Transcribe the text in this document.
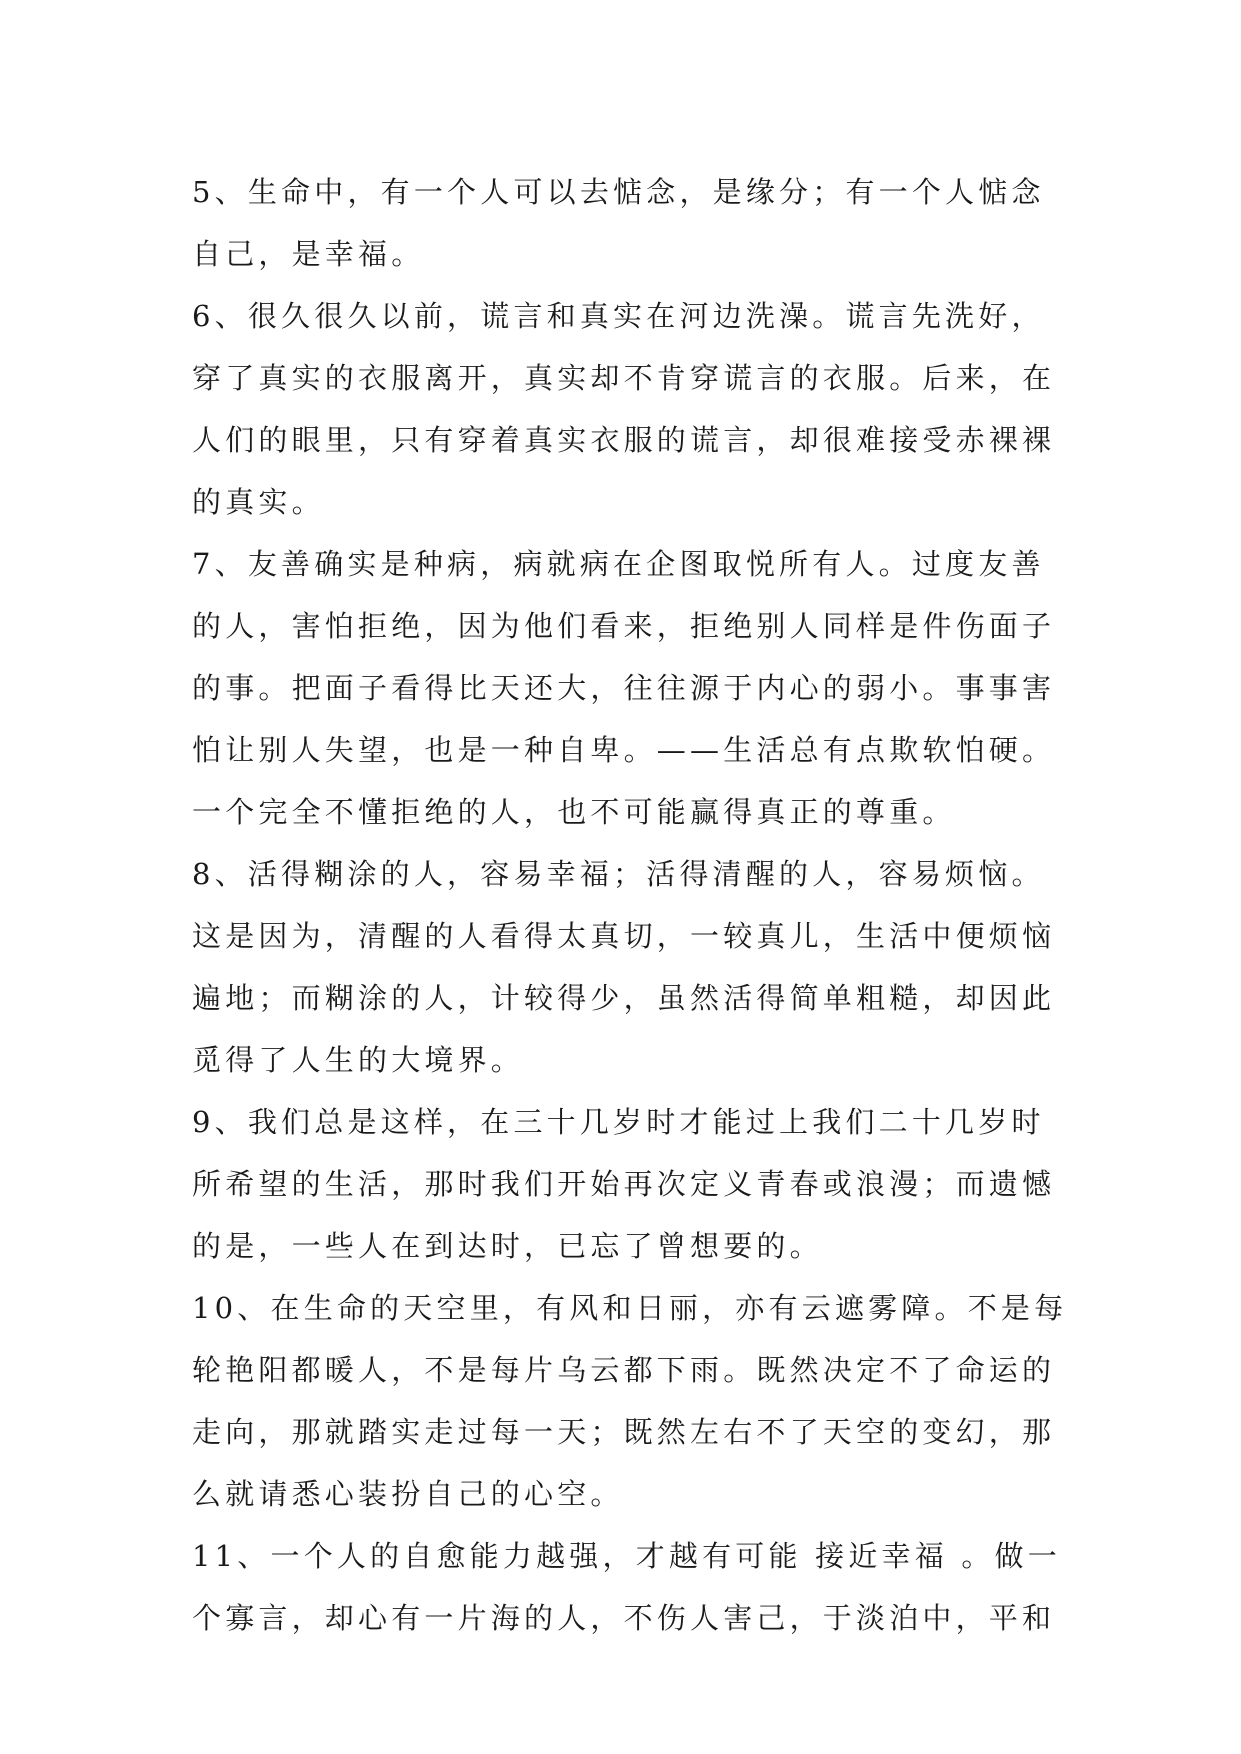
5、生命中，有一个人可以去惦念，是缘分；有一个人惦念
自己，是幸福。
6、很久很久以前，谎言和真实在河边洗澡。谎言先洗好，
穿了真实的衣服离开，真实却不肯穿谎言的衣服。后来，在
人们的眼里，只有穿着真实衣服的谎言，却很难接受赤裸裸
的真实。
7、友善确实是种病，病就病在企图取悦所有人。过度友善
的人，害怕拒绝，因为他们看来，拒绝别人同样是件伤面子
的事。把面子看得比天还大，往往源于内心的弱小。事事害
怕让别人失望，也是一种自卑。——生活总有点欺软怕硬。
一个完全不懂拒绝的人，也不可能赢得真正的尊重。
8、活得糊涂的人，容易幸福；活得清醒的人，容易烦恼。
这是因为，清醒的人看得太真切，一较真儿，生活中便烦恼
遍地；而糊涂的人，计较得少，虽然活得简单粗糙，却因此
觅得了人生的大境界。
9、我们总是这样，在三十几岁时才能过上我们二十几岁时
所希望的生活，那时我们开始再次定义青春或浪漫；而遗憾
的是，一些人在到达时，已忘了曾想要的。
10、在生命的天空里，有风和日丽，亦有云遮雾障。不是每
轮艳阳都暖人，不是每片乌云都下雨。既然决定不了命运的
走向，那就踏实走过每一天；既然左右不了天空的变幻，那
么就请悉心装扮自己的心空。
11、一个人的自愈能力越强，才越有可能 接近幸福 。做一
个寡言，却心有一片海的人，不伤人害己，于淡泊中，平和
